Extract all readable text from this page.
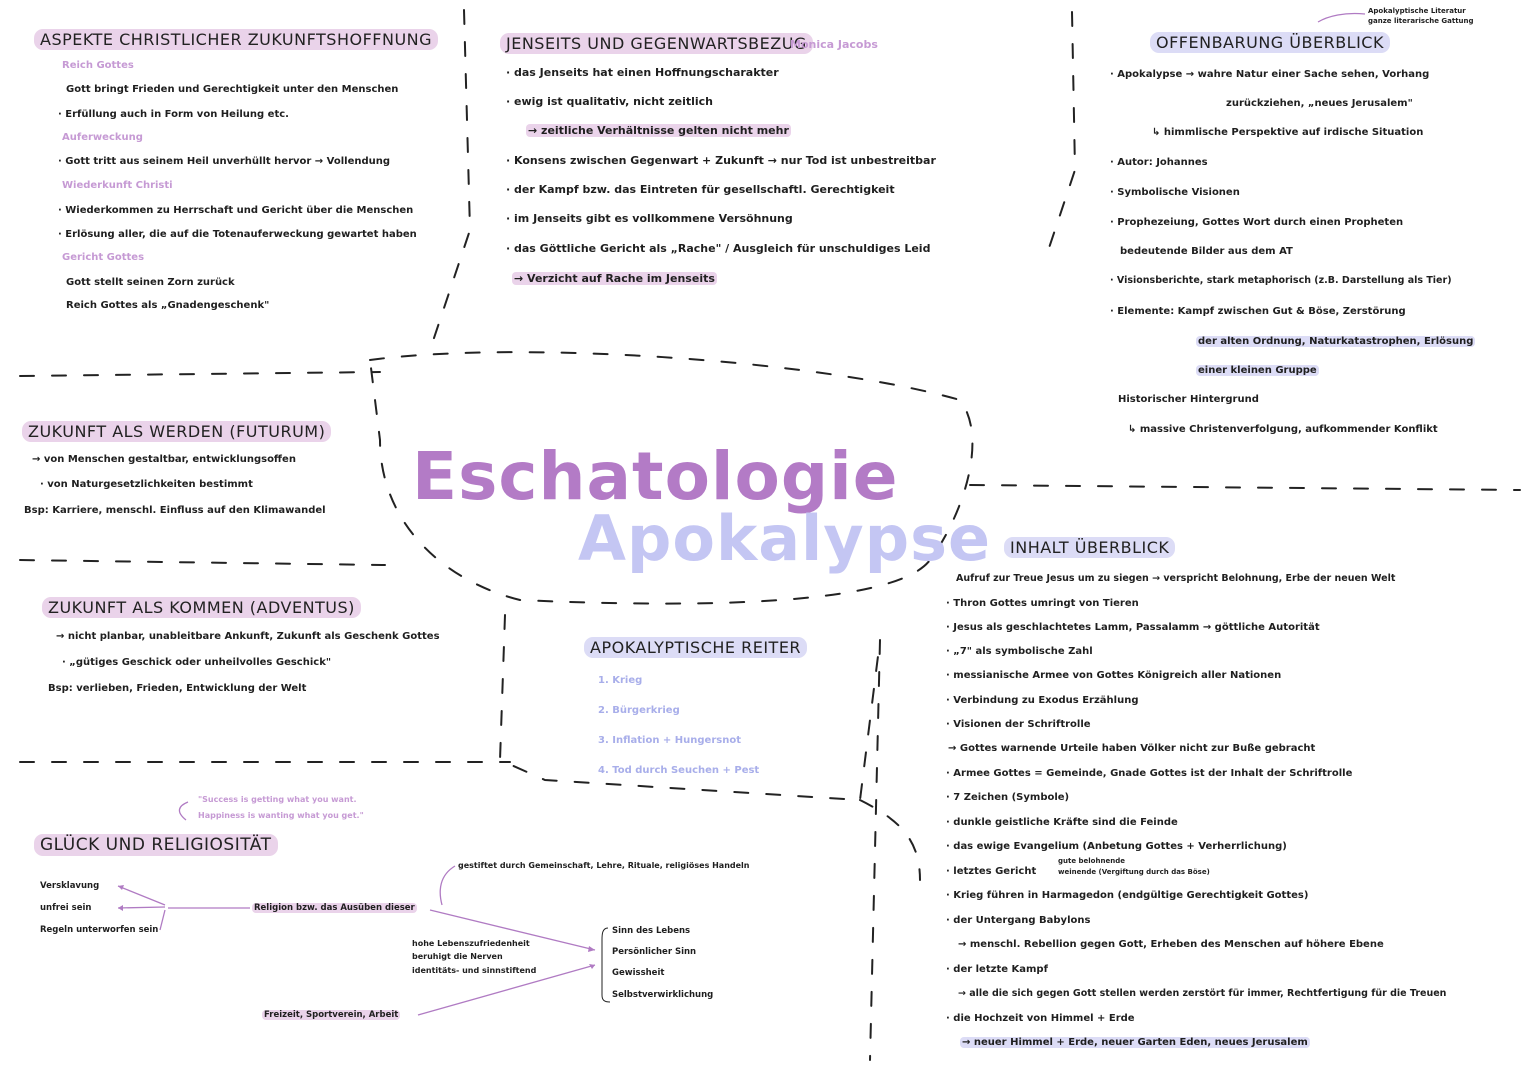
Eschatologie
Apokalypse
ASPEKTE CHRISTLICHER ZUKUNFTSHOFFNUNG
Reich Gottes
Gott bringt Frieden und Gerechtigkeit unter den Menschen
· Erfüllung auch in Form von Heilung etc.
Auferweckung
· Gott tritt aus seinem Heil unverhüllt hervor → Vollendung
Wiederkunft Christi
· Wiederkommen zu Herrschaft und Gericht über die Menschen
· Erlösung aller, die auf die Totenauferweckung gewartet haben
Gericht Gottes
Gott stellt seinen Zorn zurück
Reich Gottes als „Gnadengeschenk"
JENSEITS UND GEGENWARTSBEZUG
Monica Jacobs
· das Jenseits hat einen Hoffnungscharakter
· ewig ist qualitativ, nicht zeitlich
→ zeitliche Verhältnisse gelten nicht mehr
· Konsens zwischen Gegenwart + Zukunft → nur Tod ist unbestreitbar
· der Kampf bzw. das Eintreten für gesellschaftl. Gerechtigkeit
· im Jenseits gibt es vollkommene Versöhnung
· das Göttliche Gericht als „Rache" / Ausgleich für unschuldiges Leid
→ Verzicht auf Rache im Jenseits
Apokalyptische Literatur
ganze literarische Gattung
OFFENBARUNG ÜBERBLICK
· Apokalypse → wahre Natur einer Sache sehen, Vorhang
zurückziehen, „neues Jerusalem"
↳ himmlische Perspektive auf irdische Situation
· Autor: Johannes
· Symbolische Visionen
· Prophezeiung, Gottes Wort durch einen Propheten
bedeutende Bilder aus dem AT
· Visionsberichte, stark metaphorisch (z.B. Darstellung als Tier)
· Elemente: Kampf zwischen Gut & Böse, Zerstörung
der alten Ordnung, Naturkatastrophen, Erlösung
einer kleinen Gruppe
Historischer Hintergrund
↳ massive Christenverfolgung, aufkommender Konflikt
ZUKUNFT ALS WERDEN (FUTURUM)
→ von Menschen gestaltbar, entwicklungsoffen
· von Naturgesetzlichkeiten bestimmt
Bsp: Karriere, menschl. Einfluss auf den Klimawandel
ZUKUNFT ALS KOMMEN (ADVENTUS)
→ nicht planbar, unableitbare Ankunft, Zukunft als Geschenk Gottes
· „gütiges Geschick oder unheilvolles Geschick"
Bsp: verlieben, Frieden, Entwicklung der Welt
APOKALYPTISCHE REITER
1. Krieg
2. Bürgerkrieg
3. Inflation + Hungersnot
4. Tod durch Seuchen + Pest
INHALT ÜBERBLICK
Aufruf zur Treue Jesus um zu siegen → verspricht Belohnung, Erbe der neuen Welt
· Thron Gottes umringt von Tieren
· Jesus als geschlachtetes Lamm, Passalamm → göttliche Autorität
· „7" als symbolische Zahl
· messianische Armee von Gottes Königreich aller Nationen
· Verbindung zu Exodus Erzählung
· Visionen der Schriftrolle
→ Gottes warnende Urteile haben Völker nicht zur Buße gebracht
· Armee Gottes = Gemeinde, Gnade Gottes ist der Inhalt der Schriftrolle
· 7 Zeichen (Symbole)
· dunkle geistliche Kräfte sind die Feinde
· das ewige Evangelium (Anbetung Gottes + Verherrlichung)
· letztes Gericht
gute belohnende
weinende (Vergiftung durch das Böse)
· Krieg führen in Harmagedon (endgültige Gerechtigkeit Gottes)
· der Untergang Babylons
→ menschl. Rebellion gegen Gott, Erheben des Menschen auf höhere Ebene
· der letzte Kampf
→ alle die sich gegen Gott stellen werden zerstört für immer, Rechtfertigung für die Treuen
· die Hochzeit von Himmel + Erde
→ neuer Himmel + Erde, neuer Garten Eden, neues Jerusalem
"Success is getting what you want.
Happiness is wanting what you get."
GLÜCK UND RELIGIOSITÄT
Versklavung
unfrei sein
Regeln unterworfen sein
Religion bzw. das Ausüben dieser
gestiftet durch Gemeinschaft, Lehre, Rituale, religiöses Handeln
hohe Lebenszufriedenheit
beruhigt die Nerven
identitäts- und sinnstiftend
Sinn des Lebens
Persönlicher Sinn
Gewissheit
Selbstverwirklichung
Freizeit, Sportverein, Arbeit
